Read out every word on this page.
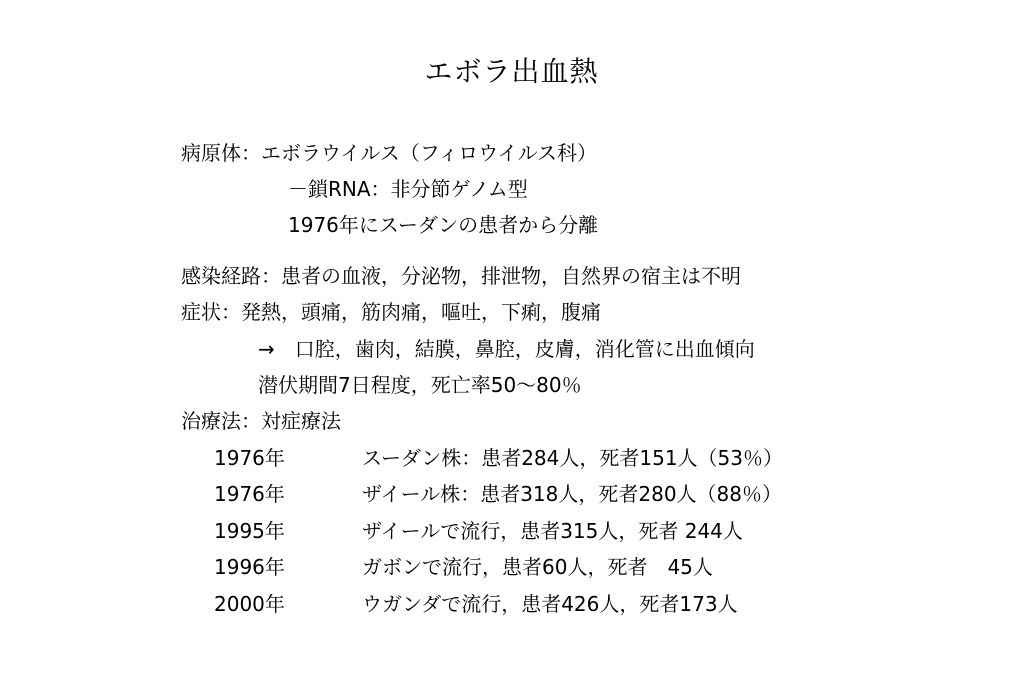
エボラ出血熱
病原体：エボラウイルス（フィロウイルス科）
－鎖RNA：非分節ゲノム型
1976年にスーダンの患者から分離
感染経路：患者の血液，分泌物，排泄物，自然界の宿主は不明
症状：発熱，頭痛，筋肉痛，嘔吐，下痢，腹痛
→　口腔，歯肉，結膜，鼻腔，皮膚，消化管に出血傾向
潜伏期間7日程度，死亡率50～80％
治療法：対症療法
1976年	スーダン株：患者284人，死者151人（53％）
1976年	ザイール株：患者318人，死者280人（88％）
1995年	ザイールで流行，患者315人，死者 244人
1996年	ガボンで流行，患者60人，死者　45人
2000年	ウガンダで流行，患者426人，死者173人
